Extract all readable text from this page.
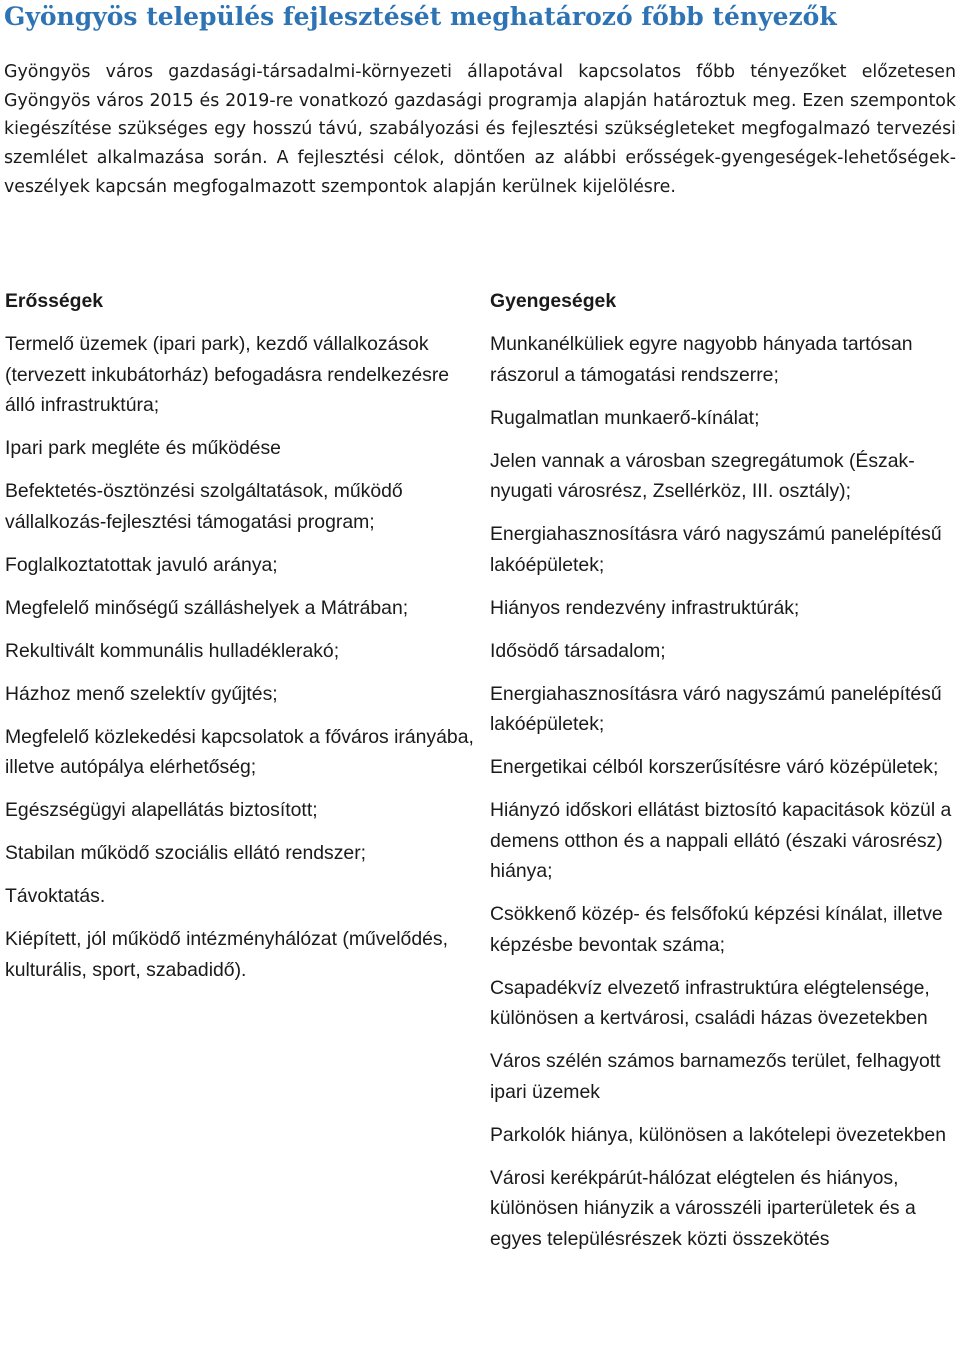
Gyöngyös település fejlesztését meghatározó főbb tényezők

Gyöngyös város gazdasági-társadalmi-környezeti állapotával kapcsolatos főbb tényezőket előzetesen Gyöngyös város 2015 és 2019-re vonatkozó gazdasági programja alapján határoztuk meg. Ezen szempontok kiegészítése szükséges egy hosszú távú, szabályozási és fejlesztési szükségleteket megfogalmazó tervezési szemlélet alkalmazása során. A fejlesztési célok, döntően az alábbi erősségek-gyengeségek-lehetőségek-veszélyek kapcsán megfogalmazott szempontok alapján kerülnek kijelölésre.

Erősségek
Termelő üzemek (ipari park), kezdő vállalkozások (tervezett inkubátorház) befogadásra rendelkezésre álló infrastruktúra;
Ipari park megléte és működése
Befektetés-ösztönzési szolgáltatások, működő vállalkozás-fejlesztési támogatási program;
Foglalkoztatottak javuló aránya;
Megfelelő minőségű szálláshelyek a Mátrában;
Rekultivált kommunális hulladéklerakó;
Házhoz menő szelektív gyűjtés;
Megfelelő közlekedési kapcsolatok a főváros irányába, illetve autópálya elérhetőség;
Egészségügyi alapellátás biztosított;
Stabilan működő szociális ellátó rendszer;
Távoktatás.
Kiépített, jól működő intézményhálózat (művelődés, kulturális, sport, szabadidő).
Gyengeségek
Munkanélküliek egyre nagyobb hányada tartósan rászorul a támogatási rendszerre;
Rugalmatlan munkaerő-kínálat;
Jelen vannak a városban szegregátumok (Észak-nyugati városrész, Zsellérköz, III. osztály);
Energiahasznosításra váró nagyszámú panelépítésű lakóépületek;
Hiányos rendezvény infrastruktúrák;
Idősödő társadalom;
Energiahasznosításra váró nagyszámú panelépítésű lakóépületek;
Energetikai célból korszerűsítésre váró középületek;
Hiányzó időskori ellátást biztosító kapacitások közül a demens otthon és a nappali ellátó (északi városrész) hiánya;
Csökkenő közép- és felsőfokú képzési kínálat, illetve képzésbe bevontak száma;
Csapadékvíz elvezető infrastruktúra elégtelensége, különösen a kertvárosi, családi házas övezetekben
Város szélén számos barnamezős terület, felhagyott ipari üzemek
Parkolók hiánya, különösen a lakótelepi övezetekben
Városi kerékpárút-hálózat elégtelen és hiányos, különösen hiányzik a városszéli iparterületek és a egyes településrészek közti összekötés
